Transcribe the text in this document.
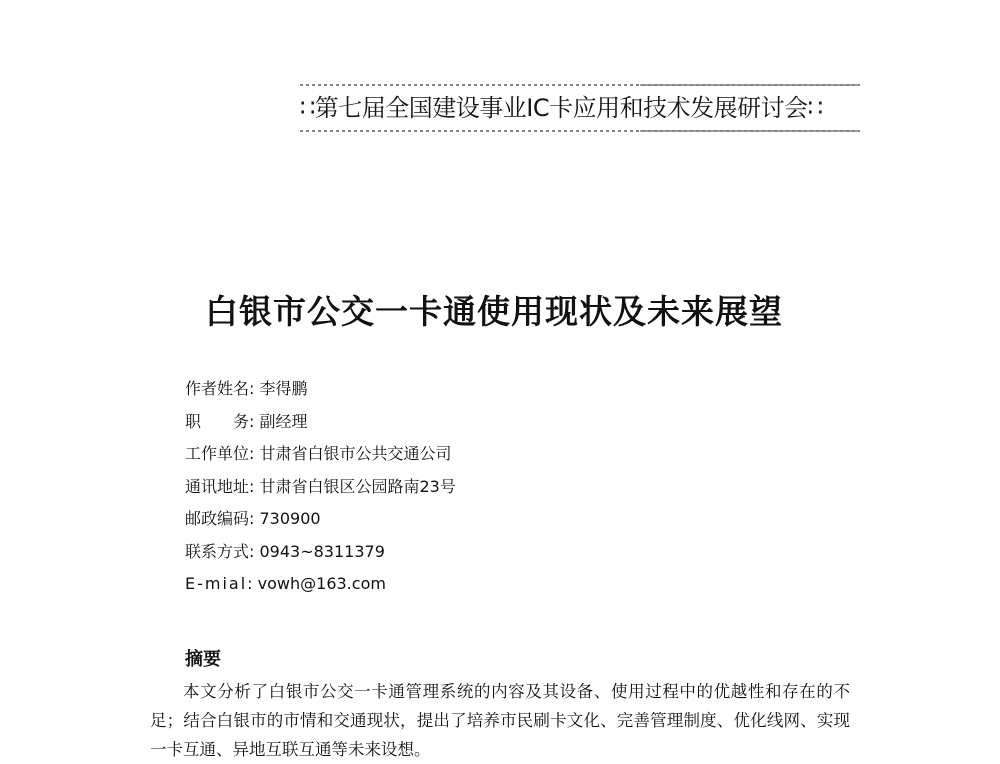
∷第七届全国建设事业IC卡应用和技术发展研讨会∷
白银市公交一卡通使用现状及未来展望
作者姓名: 李得鹏
职 务: 副经理
工作单位: 甘肃省白银市公共交通公司
通讯地址: 甘肃省白银区公园路南23号
邮政编码: 730900
联系方式: 0943~8311379
E-mial: vowh@163.com
摘要
本文分析了白银市公交一卡通管理系统的内容及其设备、使用过程中的优越性和存在的不足；结合白银市的市情和交通现状，提出了培养市民刷卡文化、完善管理制度、优化线网、实现一卡互通、异地互联互通等未来设想。
